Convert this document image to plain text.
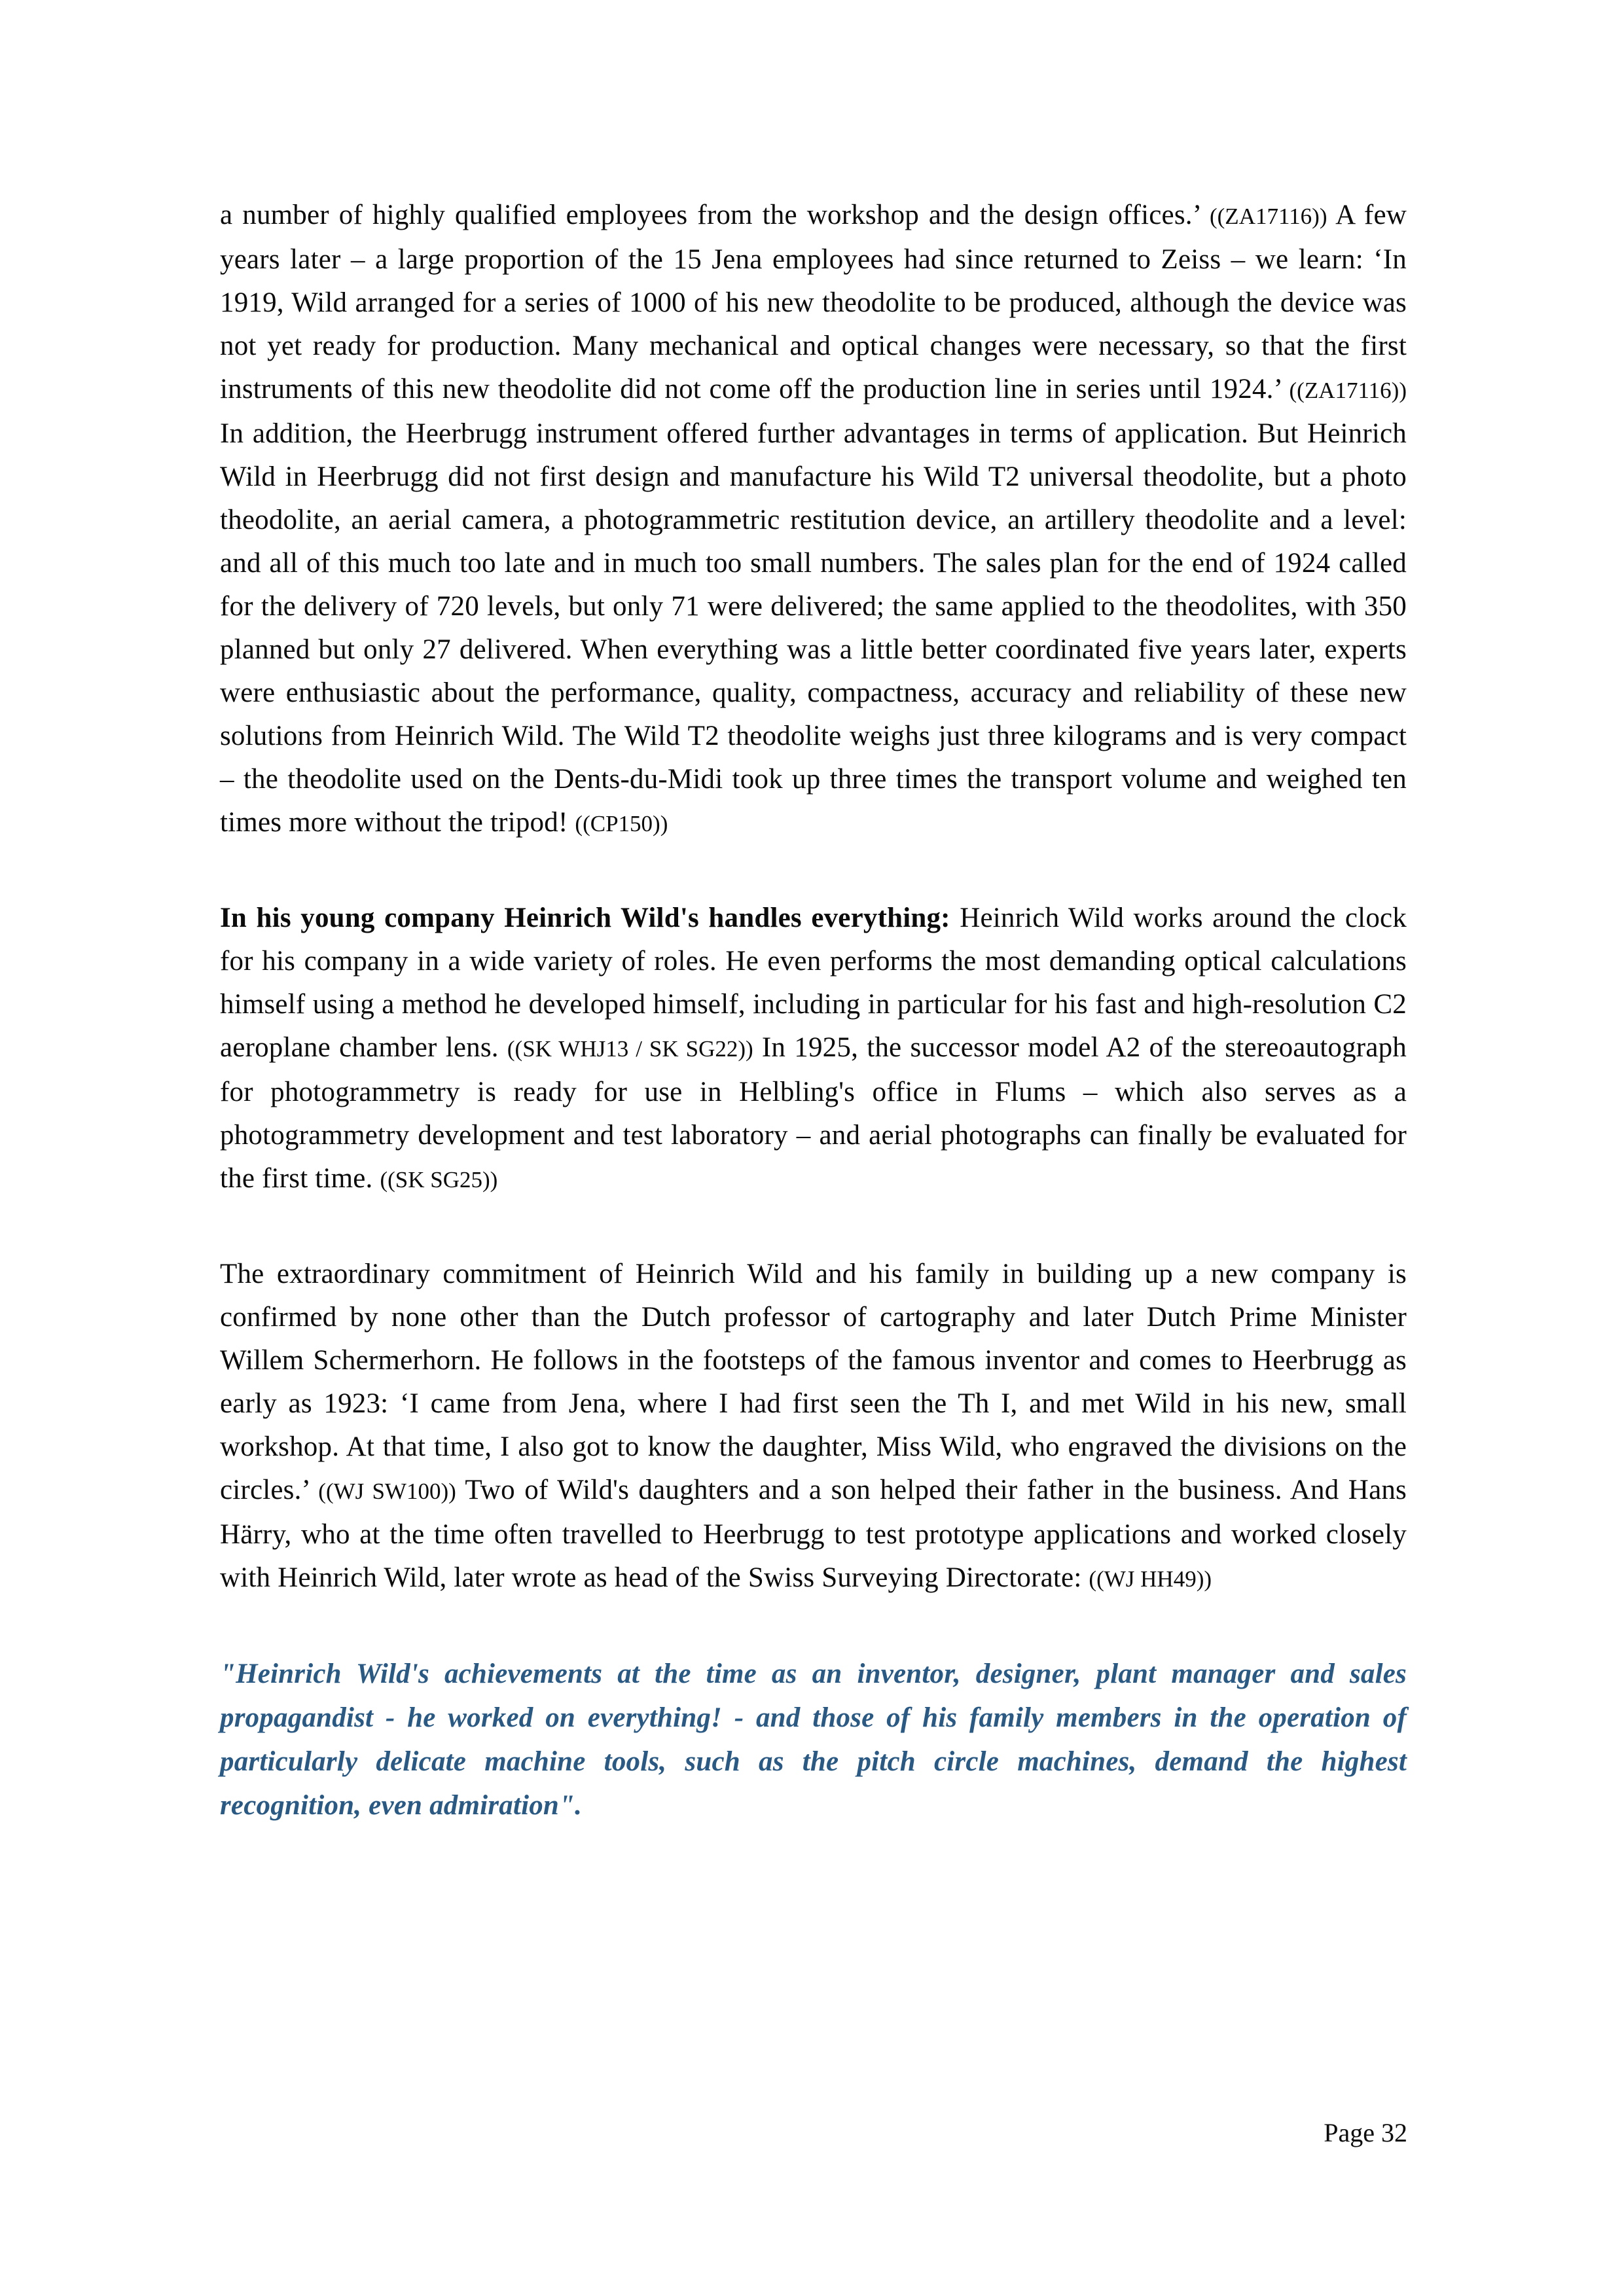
a number of highly qualified employees from the workshop and the design offices.’ ((ZA17116)) A few years later – a large proportion of the 15 Jena employees had since returned to Zeiss – we learn: ‘In 1919, Wild arranged for a series of 1000 of his new theodolite to be produced, although the device was not yet ready for production. Many mechanical and optical changes were necessary, so that the first instruments of this new theodolite did not come off the production line in series until 1924.’ ((ZA17116)) In addition, the Heerbrugg instrument offered further advantages in terms of application. But Heinrich Wild in Heerbrugg did not first design and manufacture his Wild T2 universal theodolite, but a photo theodolite, an aerial camera, a photogrammetric restitution device, an artillery theodolite and a level: and all of this much too late and in much too small numbers. The sales plan for the end of 1924 called for the delivery of 720 levels, but only 71 were delivered; the same applied to the theodolites, with 350 planned but only 27 delivered. When everything was a little better coordinated five years later, experts were enthusiastic about the performance, quality, compactness, accuracy and reliability of these new solutions from Heinrich Wild. The Wild T2 theodolite weighs just three kilograms and is very compact – the theodolite used on the Dents-du-Midi took up three times the transport volume and weighed ten times more without the tripod! ((CP150))

In his young company Heinrich Wild's handles everything: Heinrich Wild works around the clock for his company in a wide variety of roles. He even performs the most demanding optical calculations himself using a method he developed himself, including in particular for his fast and high-resolution C2 aeroplane chamber lens. ((SK WHJ13 / SK SG22)) In 1925, the successor model A2 of the stereoautograph for photogrammetry is ready for use in Helbling's office in Flums – which also serves as a photogrammetry development and test laboratory – and aerial photographs can finally be evaluated for the first time. ((SK SG25))

The extraordinary commitment of Heinrich Wild and his family in building up a new company is confirmed by none other than the Dutch professor of cartography and later Dutch Prime Minister Willem Schermerhorn. He follows in the footsteps of the famous inventor and comes to Heerbrugg as early as 1923: ‘I came from Jena, where I had first seen the Th I, and met Wild in his new, small workshop. At that time, I also got to know the daughter, Miss Wild, who engraved the divisions on the circles.’ ((WJ SW100)) Two of Wild's daughters and a son helped their father in the business. And Hans Härry, who at the time often travelled to Heerbrugg to test prototype applications and worked closely with Heinrich Wild, later wrote as head of the Swiss Surveying Directorate: ((WJ HH49))

"Heinrich Wild's achievements at the time as an inventor, designer, plant manager and sales propagandist - he worked on everything! - and those of his family members in the operation of particularly delicate machine tools, such as the pitch circle machines, demand the highest recognition, even admiration".

Page 32
